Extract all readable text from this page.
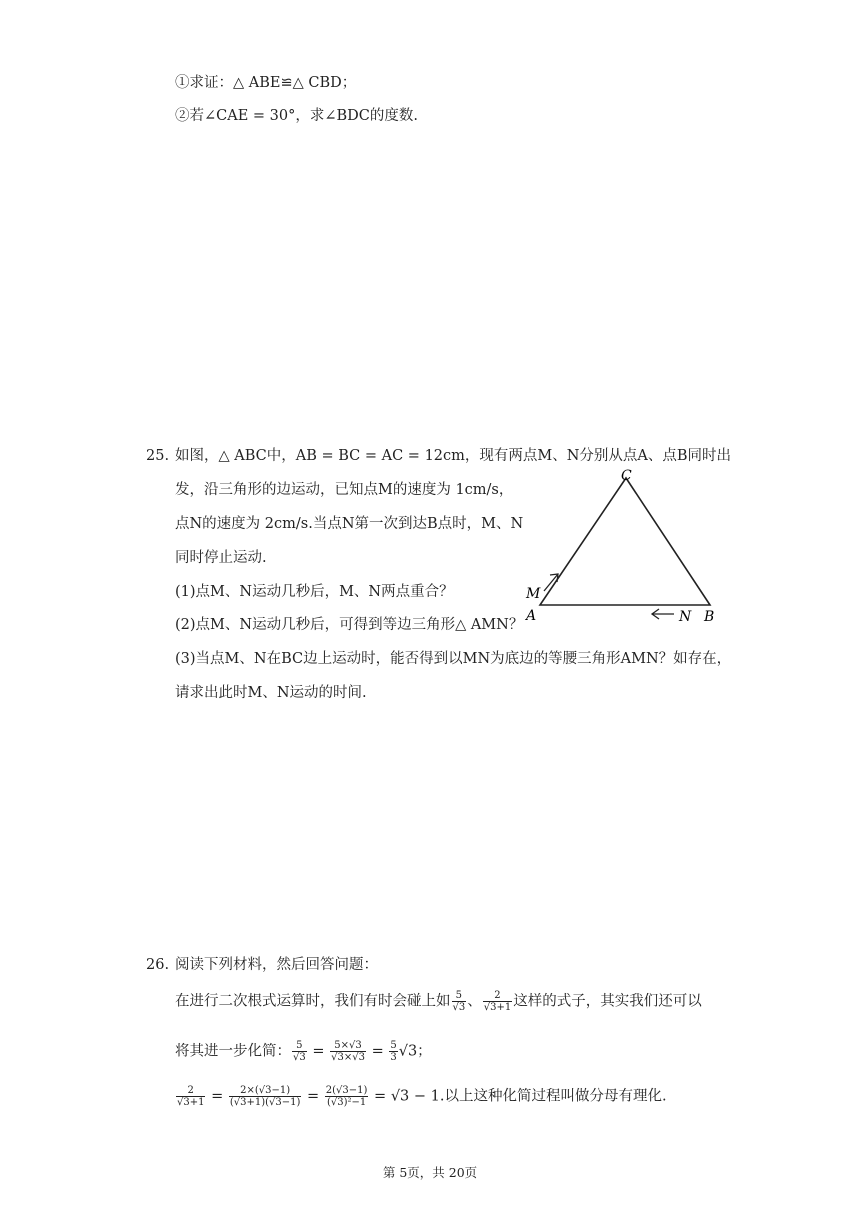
①求证：△ ABE≌△ CBD；
②若∠CAE = 30°，求∠BDC的度数.
25. 如图，△ ABC中，AB = BC = AC = 12cm，现有两点M、N分别从点A、点B同时出
发，沿三角形的边运动，已知点M的速度为 1cm/s，
点N的速度为 2cm/s.当点N第一次到达B点时，M、N
同时停止运动.
(1)点M、N运动几秒后，M、N两点重合？
(2)点M、N运动几秒后，可得到等边三角形△ AMN？
(3)当点M、N在BC边上运动时，能否得到以MN为底边的等腰三角形AMN？如存在，
请求出此时M、N运动的时间.
C
M
A	N B
26. 阅读下列材料，然后回答问题：
在进行二次根式运算时，我们有时会碰上如 $\frac{5}{√3}$ 、 $\frac{2}{√3+1}$ 这样的式子，其实我们还可以
将其进一步化简： $\frac{5}{√3} = \frac{5\times√3}{√3\times√3} = \frac{5}{3} √3$；
$\frac{2}{√3+1} = \frac{2\times(√3-1)}{(√3+1)(√3-1)} = \frac{2(√3-1)}{\text{(√3)²−1}} = √3 - 1$.以上这种化简过程叫做分母有理化.
第 5页，共 20页
